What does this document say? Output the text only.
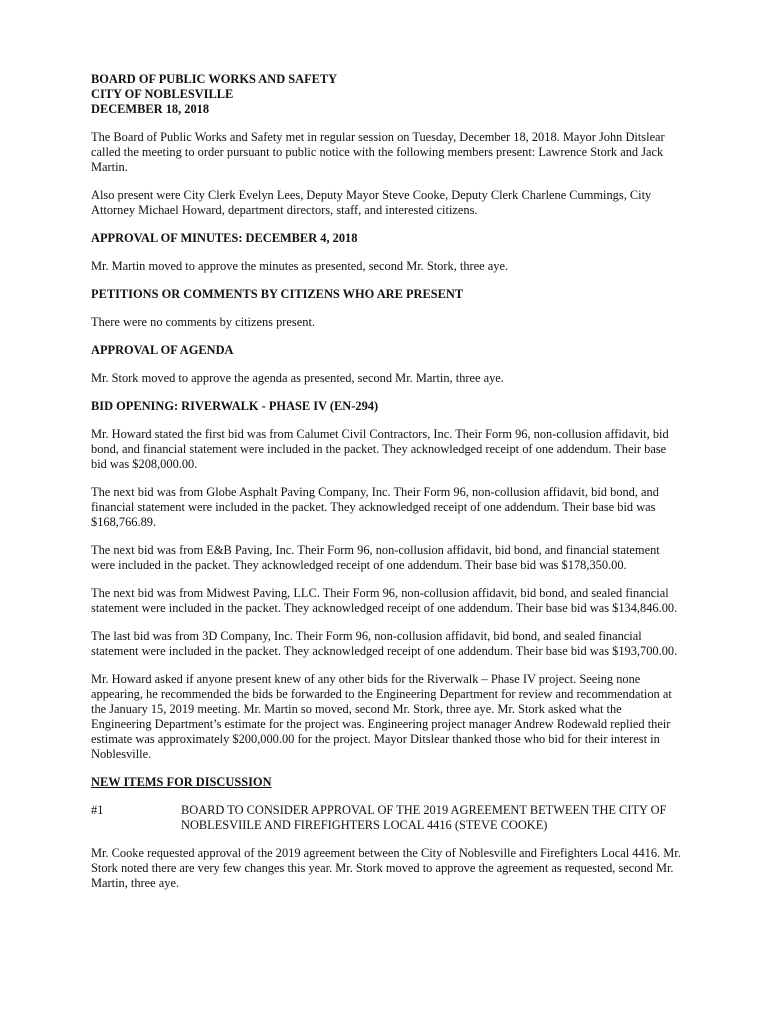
BOARD OF PUBLIC WORKS AND SAFETY
CITY OF NOBLESVILLE
DECEMBER 18, 2018

The Board of Public Works and Safety met in regular session on Tuesday, December 18, 2018. Mayor John Ditslear called the meeting to order pursuant to public notice with the following members present: Lawrence Stork and Jack Martin.

Also present were City Clerk Evelyn Lees, Deputy Mayor Steve Cooke, Deputy Clerk Charlene Cummings, City Attorney Michael Howard, department directors, staff, and interested citizens.

APPROVAL OF MINUTES: DECEMBER 4, 2018

Mr. Martin moved to approve the minutes as presented, second Mr. Stork, three aye.

PETITIONS OR COMMENTS BY CITIZENS WHO ARE PRESENT

There were no comments by citizens present.

APPROVAL OF AGENDA

Mr. Stork moved to approve the agenda as presented, second Mr. Martin, three aye.

BID OPENING: RIVERWALK - PHASE IV (EN-294)

Mr. Howard stated the first bid was from Calumet Civil Contractors, Inc. Their Form 96, non-collusion affidavit, bid bond, and financial statement were included in the packet. They acknowledged receipt of one addendum. Their base bid was $208,000.00.

The next bid was from Globe Asphalt Paving Company, Inc. Their Form 96, non-collusion affidavit, bid bond, and financial statement were included in the packet. They acknowledged receipt of one addendum. Their base bid was $168,766.89.

The next bid was from E&B Paving, Inc. Their Form 96, non-collusion affidavit, bid bond, and financial statement were included in the packet. They acknowledged receipt of one addendum. Their base bid was $178,350.00.

The next bid was from Midwest Paving, LLC. Their Form 96, non-collusion affidavit, bid bond, and sealed financial statement were included in the packet. They acknowledged receipt of one addendum. Their base bid was $134,846.00.

The last bid was from 3D Company, Inc. Their Form 96, non-collusion affidavit, bid bond, and sealed financial statement were included in the packet. They acknowledged receipt of one addendum. Their base bid was $193,700.00.

Mr. Howard asked if anyone present knew of any other bids for the Riverwalk – Phase IV project. Seeing none appearing, he recommended the bids be forwarded to the Engineering Department for review and recommendation at the January 15, 2019 meeting. Mr. Martin so moved, second Mr. Stork, three aye. Mr. Stork asked what the Engineering Department’s estimate for the project was. Engineering project manager Andrew Rodewald replied their estimate was approximately $200,000.00 for the project. Mayor Ditslear thanked those who bid for their interest in Noblesville.

NEW ITEMS FOR DISCUSSION
#1	BOARD TO CONSIDER APPROVAL OF THE 2019 AGREEMENT BETWEEN THE CITY OF NOBLESVIILE AND FIREFIGHTERS LOCAL 4416 (STEVE COOKE)

Mr. Cooke requested approval of the 2019 agreement between the City of Noblesville and Firefighters Local 4416. Mr. Stork noted there are very few changes this year. Mr. Stork moved to approve the agreement as requested, second Mr. Martin, three aye.
